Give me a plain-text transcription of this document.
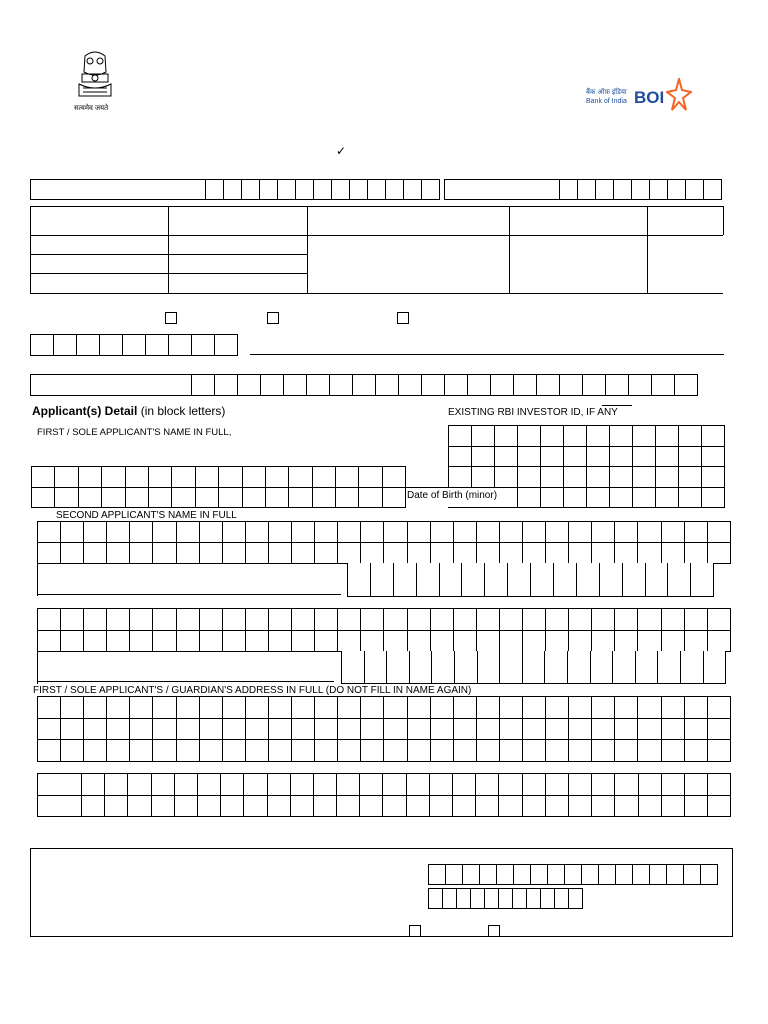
सत्यमेव जयते
बैंक ऑफ़ इंडिया
Bank of India BOI
✓
Applicant(s) Detail (in block letters)	EXISTING RBI INVESTOR ID, IF ANY
FIRST / SOLE APPLICANT'S NAME IN FULL,
Date of Birth (minor)
SECOND APPLICANT'S NAME IN FULL
FIRST / SOLE APPLICANT'S / GUARDIAN'S ADDRESS IN FULL (DO NOT FILL IN NAME AGAIN)
